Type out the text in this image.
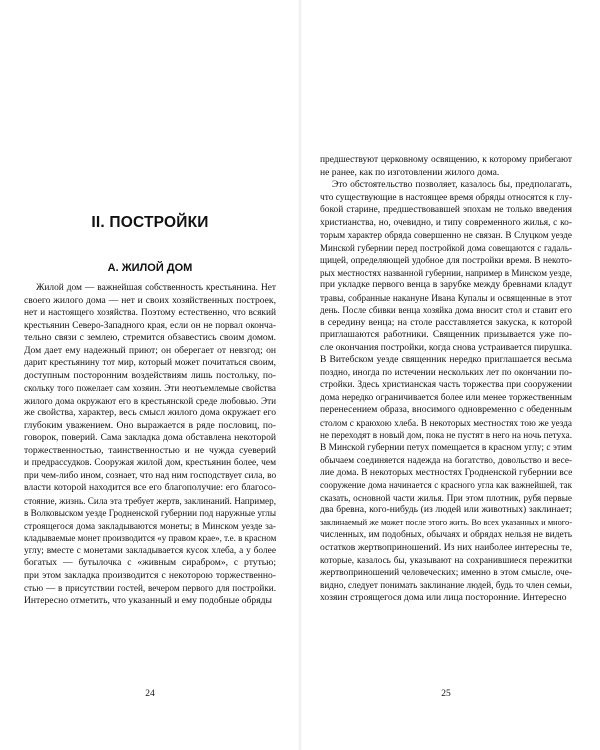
II. ПОСТРОЙКИ
А. ЖИЛОЙ ДОМ
Жилой дом — важнейшая собственность крестьянина. Нет
своего жилого дома — нет и своих хозяйственных построек,
нет и настоящего хозяйства. Поэтому естественно, что всякий
крестьянин Северо-Западного края, если он не порвал оконча-
тельно связи с землею, стремится обзавестись своим домом.
Дом дает ему надежный приют; он оберегает от невзгод; он
дарит крестьянину тот мир, который может почитаться своим,
доступным посторонним воздействиям лишь постольку, по-
скольку того пожелает сам хозяин. Эти неотъемлемые свойства
жилого дома окружают его в крестьянской среде любовью. Эти
же свойства, характер, весь смысл жилого дома окружает его
глубоким уважением. Оно выражается в ряде пословиц, по-
говорок, поверий. Сама закладка дома обставлена некоторой
торжественностью, таинственностью и не чужда суеверий
и предрассудков. Сооружая жилой дом, крестьянин более, чем
при чем-либо ином, сознает, что над ним господствует сила, во
власти которой находится все его благополучие: его благосо-
стояние, жизнь. Сила эта требует жертв, заклинаний. Например,
в Волковыском уезде Гродненской губернии под наружные углы
строящегося дома закладываются монеты; в Минском уезде за-
кладываемые монет производится «у правом крае», т.е. в красном
углу; вместе с монетами закладывается кусок хлеба, а у более
богатых — бутылочка с «живным сирабром», с ртутью;
при этом закладка производится с некоторою торжественно-
стью — в присутствии гостей, вечером первого для постройки.
Интересно отметить, что указанный и ему подобные обряды
24
предшествуют церковному освящению, к которому прибегают
не ранее, как по изготовлении жилого дома.
Это обстоятельство позволяет, казалось бы, предполагать,
что существующие в настоящее время обряды относятся к глу-
бокой старине, предшествовавшей эпохам не только введения
христианства, но, очевидно, и типу современного жилья, с ко-
торым характер обряда совершенно не связан. В Слуцком уезде
Минской губернии перед постройкой дома совещаются с гадаль-
щицей, определяющей удобное для постройки время. В некото-
рых местностях названной губернии, например в Минском уезде,
при укладке первого венца в зарубке между бревнами кладут
травы, собранные накануне Ивана Купалы и освященные в этот
день. После сбивки венца хозяйка дома вносит стол и ставит его
в середину венца; на столе расставляется закуска, к которой
приглашаются работники. Священник призывается уже по-
сле окончания постройки, когда снова устраивается пирушка.
В Витебском уезде священник нередко приглашается весьма
поздно, иногда по истечении нескольких лет по окончании по-
стройки. Здесь христианская часть торжества при сооружении
дома нередко ограничивается более или менее торжественным
перенесением образа, вносимого одновременно с обеденным
столом с краюхою хлеба. В некоторых местностях тою же уезда
не переходят в новый дом, пока не пустят в него на ночь петуха.
В Минской губернии петух помещается в красном углу; с этим
обычаем соединяется надежда на богатство, довольство и весе-
лие дома. В некоторых местностях Гродненской губернии все
сооружение дома начинается с красного угла как важнейшей, так
сказать, основной части жилья. При этом плотник, рубя первые
два бревна, кого-нибудь (из людей или животных) заклинает;
заклинаемый же может после этого жить. Во всех указанных и много-
численных, им подобных, обычаях и обрядах нельзя не видеть
остатков жертвоприношений. Из них наиболее интересны те,
которые, казалось бы, указывают на сохранившиеся пережитки
жертвоприношений человеческих; именно в этом смысле, оче-
видно, следует понимать заклинание людей, будь то член семьи,
хозяин строящегося дома или лица посторонние. Интересно
25
